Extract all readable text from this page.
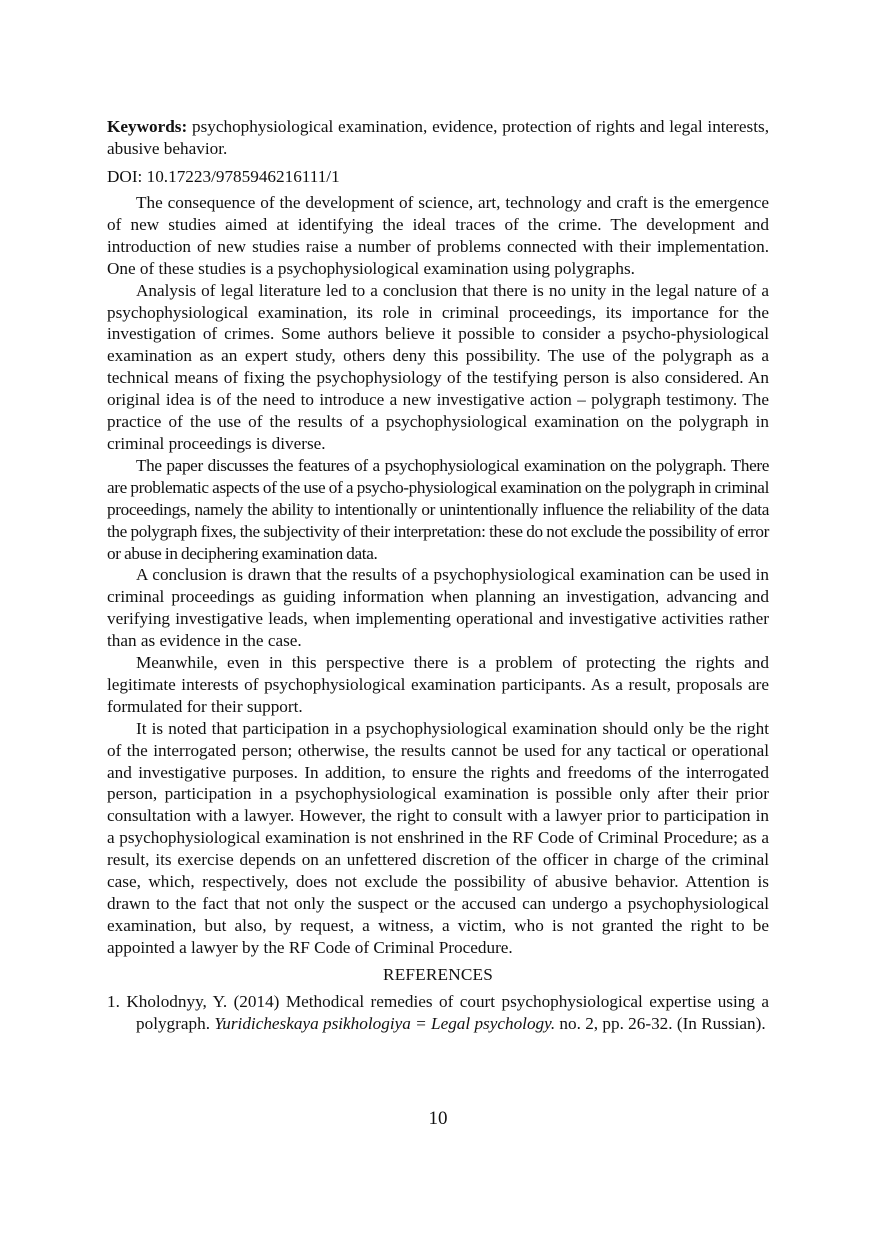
Keywords: psychophysiological examination, evidence, protection of rights and legal interests, abusive behavior.

DOI: 10.17223/9785946216111/1

The consequence of the development of science, art, technology and craft is the emergence of new studies aimed at identifying the ideal traces of the crime. The development and introduction of new studies raise a number of problems connected with their implementation. One of these studies is a psychophysiological examination using polygraphs.

Analysis of legal literature led to a conclusion that there is no unity in the legal nature of a psychophysiological examination, its role in criminal proceedings, its importance for the investigation of crimes. Some authors believe it possible to consider a psycho-physiological examination as an expert study, others deny this possibility. The use of the polygraph as a technical means of fixing the psychophysiology of the testifying person is also considered. An original idea is of the need to introduce a new investigative action – polygraph testimony. The practice of the use of the results of a psychophysiological examination on the polygraph in criminal proceedings is diverse.

The paper discusses the features of a psychophysiological examination on the polygraph. There are problematic aspects of the use of a psycho-physiological examination on the polygraph in criminal proceedings, namely the ability to intentionally or unintentionally influence the reliability of the data the polygraph fixes, the subjectivity of their interpretation: these do not exclude the possibility of error or abuse in deciphering examination data.

A conclusion is drawn that the results of a psychophysiological examination can be used in criminal proceedings as guiding information when planning an investigation, advancing and verifying investigative leads, when implementing operational and investigative activities rather than as evidence in the case.

Meanwhile, even in this perspective there is a problem of protecting the rights and legitimate interests of psychophysiological examination participants. As a result, proposals are formulated for their support.

It is noted that participation in a psychophysiological examination should only be the right of the interrogated person; otherwise, the results cannot be used for any tactical or operational and investigative purposes. In addition, to ensure the rights and freedoms of the interrogated person, participation in a psychophysiological examination is possible only after their prior consultation with a lawyer. However, the right to consult with a lawyer prior to participation in a psychophysiological examination is not enshrined in the RF Code of Criminal Procedure; as a result, its exercise depends on an unfettered discretion of the officer in charge of the criminal case, which, respectively, does not exclude the possibility of abusive behavior. Attention is drawn to the fact that not only the suspect or the accused can undergo a psychophysiological examination, but also, by request, a witness, a victim, who is not granted the right to be appointed a lawyer by the RF Code of Criminal Procedure.

REFERENCES

1. Kholodnyy, Y. (2014) Methodical remedies of court psychophysiological expertise using a polygraph. Yuridicheskaya psikhologiya = Legal psychology. no. 2, pp. 26-32. (In Russian).

10
